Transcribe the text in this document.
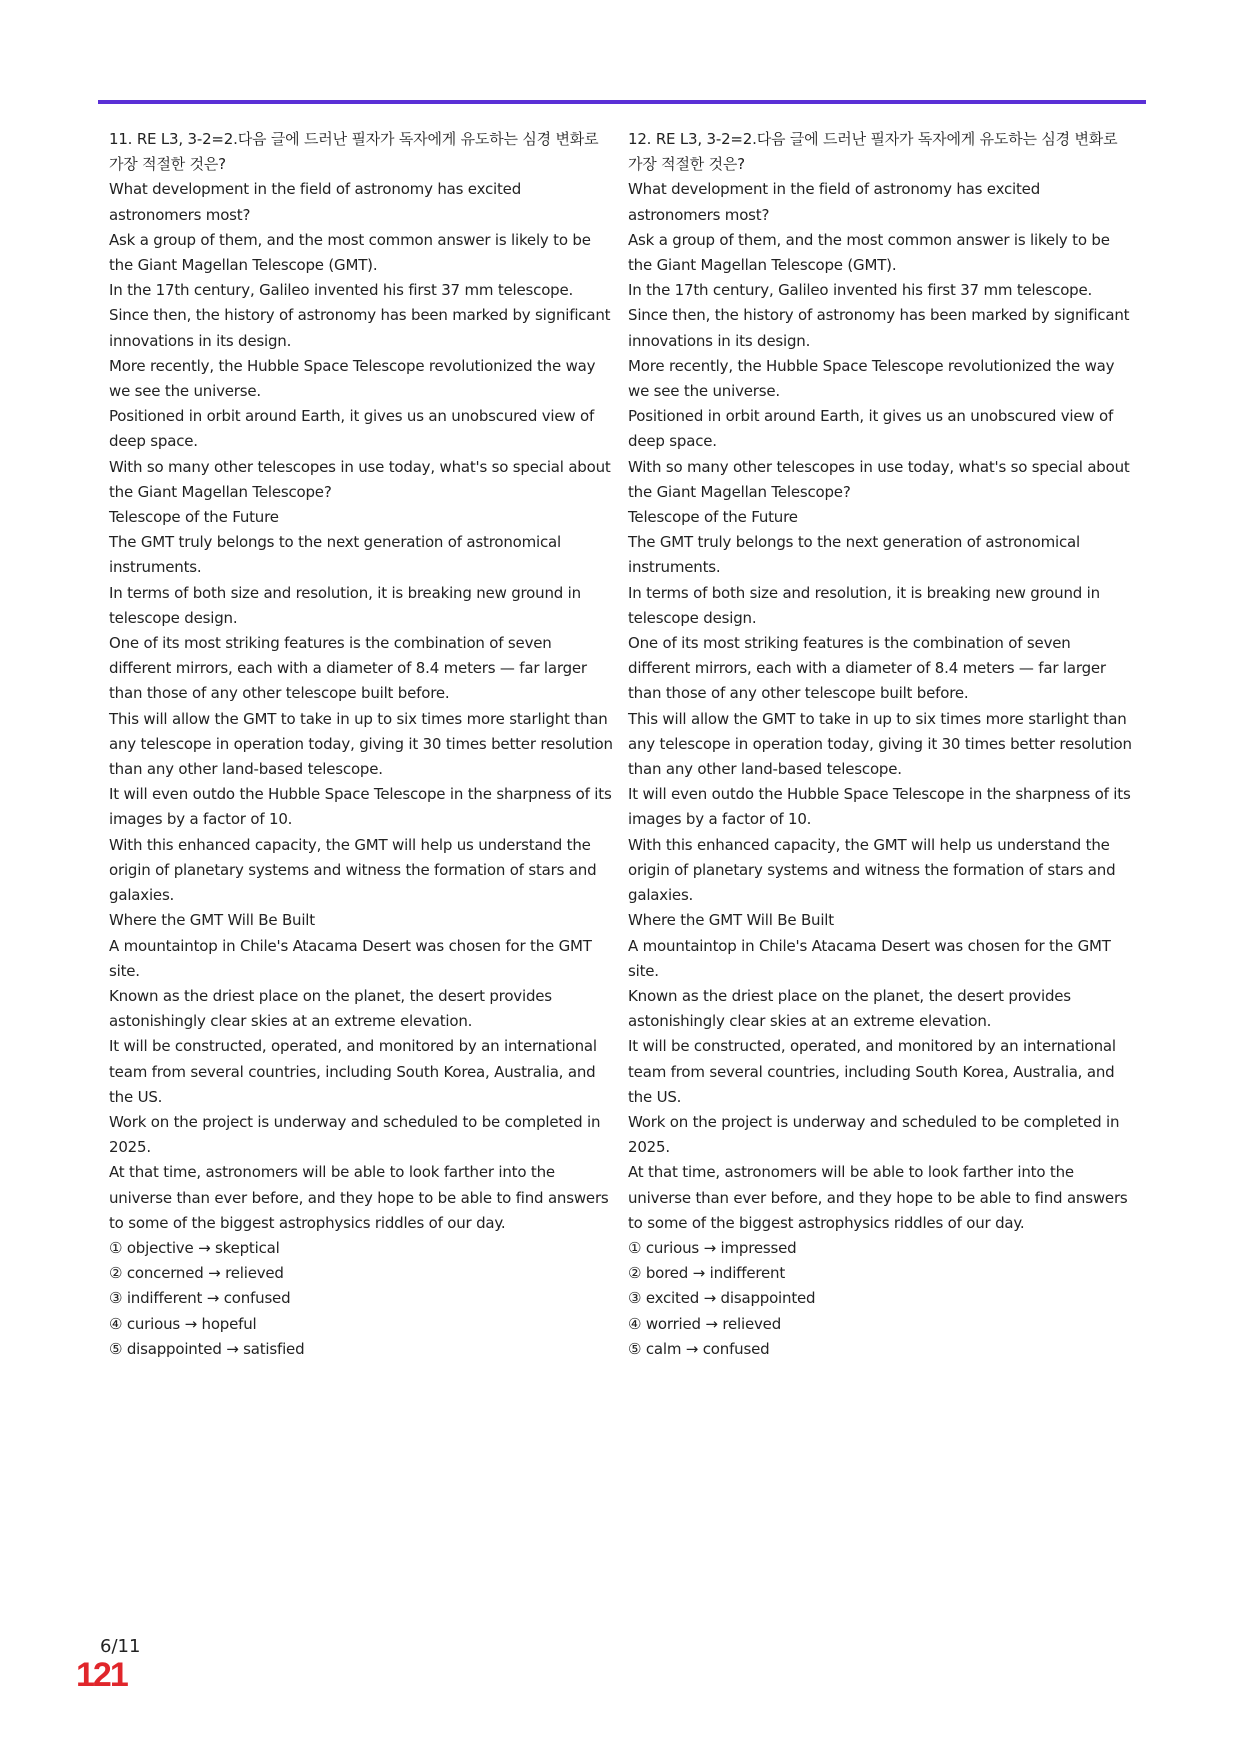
11. RE L3, 3-2=2.다음 글에 드러난 필자가 독자에게 유도하는 심경 변화로 가장 적절한 것은?

What development in the field of astronomy has excited astronomers most?

Ask a group of them, and the most common answer is likely to be the Giant Magellan Telescope (GMT).

In the 17th century, Galileo invented his first 37 mm telescope.

Since then, the history of astronomy has been marked by significant innovations in its design.

More recently, the Hubble Space Telescope revolutionized the way we see the universe.

Positioned in orbit around Earth, it gives us an unobscured view of deep space.

With so many other telescopes in use today, what's so special about the Giant Magellan Telescope?

Telescope of the Future

The GMT truly belongs to the next generation of astronomical instruments.

In terms of both size and resolution, it is breaking new ground in telescope design.

One of its most striking features is the combination of seven different mirrors, each with a diameter of 8.4 meters — far larger than those of any other telescope built before.

This will allow the GMT to take in up to six times more starlight than any telescope in operation today, giving it 30 times better resolution than any other land-based telescope.

It will even outdo the Hubble Space Telescope in the sharpness of its images by a factor of 10.

With this enhanced capacity, the GMT will help us understand the origin of planetary systems and witness the formation of stars and galaxies.

Where the GMT Will Be Built

A mountaintop in Chile's Atacama Desert was chosen for the GMT site.

Known as the driest place on the planet, the desert provides astonishingly clear skies at an extreme elevation.

It will be constructed, operated, and monitored by an international team from several countries, including South Korea, Australia, and the US.

Work on the project is underway and scheduled to be completed in 2025.

At that time, astronomers will be able to look farther into the universe than ever before, and they hope to be able to find answers to some of the biggest astrophysics riddles of our day.

① objective → skeptical

② concerned → relieved

③ indifferent → confused

④ curious → hopeful

⑤ disappointed → satisfied

12. RE L3, 3-2=2.다음 글에 드러난 필자가 독자에게 유도하는 심경 변화로 가장 적절한 것은?

What development in the field of astronomy has excited astronomers most?

Ask a group of them, and the most common answer is likely to be the Giant Magellan Telescope (GMT).

In the 17th century, Galileo invented his first 37 mm telescope.

Since then, the history of astronomy has been marked by significant innovations in its design.

More recently, the Hubble Space Telescope revolutionized the way we see the universe.

Positioned in orbit around Earth, it gives us an unobscured view of deep space.

With so many other telescopes in use today, what's so special about the Giant Magellan Telescope?

Telescope of the Future

The GMT truly belongs to the next generation of astronomical instruments.

In terms of both size and resolution, it is breaking new ground in telescope design.

One of its most striking features is the combination of seven different mirrors, each with a diameter of 8.4 meters — far larger than those of any other telescope built before.

This will allow the GMT to take in up to six times more starlight than any telescope in operation today, giving it 30 times better resolution than any other land-based telescope.

It will even outdo the Hubble Space Telescope in the sharpness of its images by a factor of 10.

With this enhanced capacity, the GMT will help us understand the origin of planetary systems and witness the formation of stars and galaxies.

Where the GMT Will Be Built

A mountaintop in Chile's Atacama Desert was chosen for the GMT site.

Known as the driest place on the planet, the desert provides astonishingly clear skies at an extreme elevation.

It will be constructed, operated, and monitored by an international team from several countries, including South Korea, Australia, and the US.

Work on the project is underway and scheduled to be completed in 2025.

At that time, astronomers will be able to look farther into the universe than ever before, and they hope to be able to find answers to some of the biggest astrophysics riddles of our day.

① curious → impressed

② bored → indifferent

③ excited → disappointed

④ worried → relieved

⑤ calm → confused

6/11
121
